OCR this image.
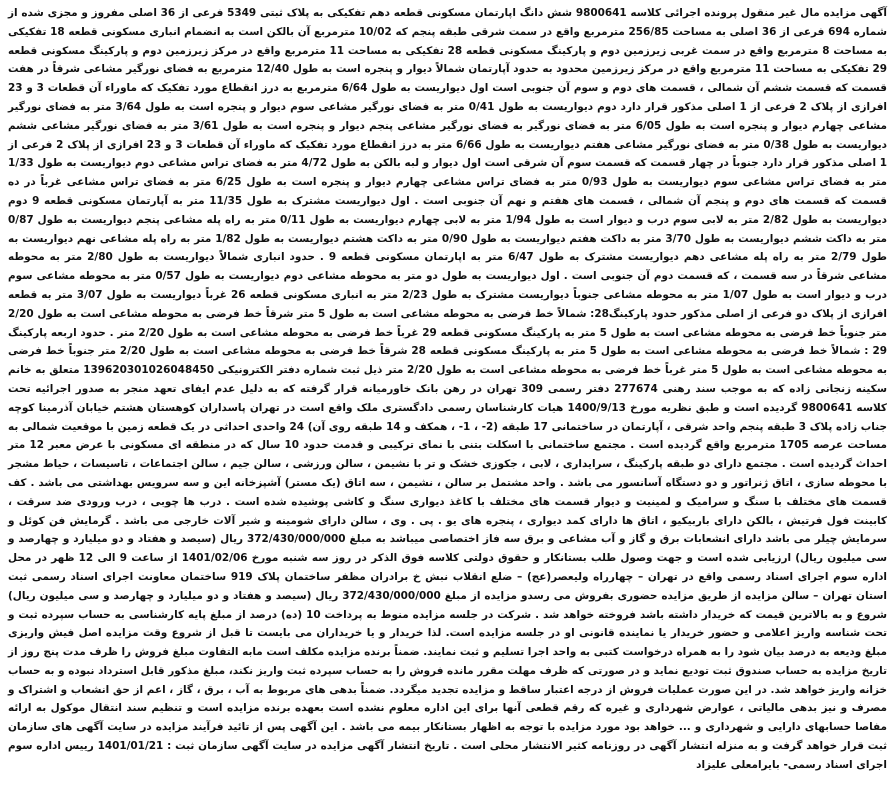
آگهی مزایده مال غیر منقول پرونده اجرائی کلاسه 9800641 شش دانگ اپارتمان مسکونی قطعه دهم تفکیکی به پلاک ثبتی 5349 فرعی از 36 اصلی مفروز و مجزی شده از شماره 694 فرعی از 36 اصلی به مساحت 256/85 مترمربع واقع در سمت شرقی طبقه پنجم که 10/02 مترمربع آن بالکن است به انضمام انباری مسکونی قطعه 18 تفکیکی به مساحت 8 مترمربع واقع در سمت غربی زیرزمین دوم و پارکینگ مسکونی قطعه 28 تفکیکی به مساحت 11 مترمربع واقع در مرکز زیرزمین دوم و پارکینگ مسکونی قطعه 29 تفکیکی به مساحت 11 مترمربع واقع در مرکز زیرزمین محدود به حدود آپارتمان شمالاً دیوار و پنجره است به طول 12/40 مترمربع به فضای نورگیر مشاعی شرقاً در هفت قسمت که قسمت ششم آن شمالی ، قسمت های دوم و سوم آن جنوبی است اول دیواریست به طول 6/64 مترمربع به درز انقطاع مورد تفکیک که ماوراء آن قطعات 3 و 23 افرازی از پلاک 2 فرعی از 1 اصلی مذکور قرار دارد دوم دیواریست به طول 0/41 متر به فضای نورگیر مشاعی سوم دیوار و پنجره است به طول 3/64 متر به فضای نورگیر مشاعی چهارم دیوار و پنجره است به طول 6/05 متر به فضای نورگیر به فضای نورگیر مشاعی پنجم دیوار و پنجره است به طول 3/61 متر به فضای نورگیر مشاعی ششم دیواریست به طول 0/38 متر به فضای نورگیر مشاعی هفتم دیواریست به طول 6/66 متر به درز انقطاع مورد تفکیک که ماوراء آن قطعات 3 و 23 افرازی از پلاک 2 فرعی از 1 اصلی مذکور قرار دارد جنوباً در چهار قسمت که قسمت سوم آن شرقی است اول دیوار و لبه بالکن به طول 4/72 متر به فضای تراس مشاعی دوم دیواریست به طول 1/33 متر به فضای تراس مشاعی سوم دیواریست به طول 0/93 متر به فضای تراس مشاعی چهارم دیوار و پنجره است به طول 6/25 متر به فضای تراس مشاعی غرباً در ده قسمت که قسمت های دوم و پنجم آن شمالی ، قسمت های هفتم و نهم آن جنوبی است . اول دیواریست مشترک به طول 11/35 متر به آپارتمان مسکونی قطعه 9 دوم دیواریست به طول 2/82 متر به لابی سوم درب و دیوار است به طول 1/94 متر به لابی چهارم دیواریست به طول 0/11 متر به راه پله مشاعی پنجم دیواریست به طول 0/87 متر به داکت ششم دیواریست به طول 3/70 متر به داکت هفتم دیواریست به طول 0/90 متر به داکت هشتم دیواریست به طول 1/82 متر به راه پله مشاعی نهم دیواریست به طول 2/79 متر به راه پله مشاعی دهم دیواریست مشترک به طول 6/47 متر به اپارتمان مسکونی قطعه 9 . حدود انباری شمالاً دیواریست به طول 2/80 متر به محوطه مشاعی شرقاً در سه قسمت ، که قسمت دوم آن جنوبی است . اول دیواریست به طول دو متر به محوطه مشاعی دوم دیواریست به طول 0/57 متر به محوطه مشاعی سوم درب و دیوار است به طول 1/07 متر به محوطه مشاعی جنوباً دیواریست مشترک به طول 2/23 متر به انباری مسکونی قطعه 26 غرباً دیواریست به طول 3/07 متر به قطعه افرازی از پلاک دو فرعی از اصلی مذکور حدود پارکینگ28: شمالاً خط فرضی به محوطه مشاعی است به طول 5 متر شرقاً خط فرضی به محوطه مشاعی است به طول 2/20 متر جنوباً خط فرضی به محوطه مشاعی است به طول 5 متر به پارکینگ مسکونی قطعه 29 غرباً خط فرضی به محوطه مشاعی است به طول 2/20 متر . حدود اربعه پارکینگ 29 : شمالاً خط فرضی به محوطه مشاعی است به طول 5 متر به پارکینگ مسکونی قطعه 28 شرقاً خط فرضی به محوطه مشاعی است به طول 2/20 متر جنوباً خط فرضی به محوطه مشاعی است به طول 5 متر غرباً خط فرضی به محوطه مشاعی است به طول 2/20 متر ذیل ثبت شماره دفتر الکترونیکی 139620301026048450 متعلق به خانم سکینه زنجانی زاده که به موجب سند رهنی 277674 دفتر رسمی 309 تهران در رهن بانک خاورمیانه قرار گرفته که به دلیل عدم ایفای تعهد منجر به صدور اجرائیه تحت کلاسه 9800641 گردیده است و طبق نظریه مورخ 1400/9/13 هیات کارشناسان رسمی دادگستری ملک واقع است در تهران پاسداران کوهستان هشتم خیابان آذرمینا کوچه جناب زاده پلاک 3 طبقه پنجم واحد شرقی ، آپارتمان در ساختمانی 17 طبقه (2- ، 1- ، همکف و 14 طبقه روی آن) 24 واحدی احداثی در یک قطعه زمین با موقعیت شمالی به مساحت عرصه 1705 مترمربع واقع گردیده است . مجتمع ساختمانی با اسکلت بتنی با نمای ترکیبی و قدمت حدود 10 سال که در منطقه ای مسکونی با عرض معبر 12 متر احداث گردیده است . مجتمع دارای دو طبقه پارکینگ ، سرایداری ، لابی ، جکوزی خشک و تر با نشیمن ، سالن ورزشی ، سالن جیم ، سالن اجتماعات ، تاسیسات ، حیاط مشجر با محوطه سازی ، اتاق ژنراتور و دو دستگاه آسانسور می باشد . واحد مشتمل بر سالن ، نشیمن ، سه اتاق (یک مستر) آشپزخانه این و سه سرویس بهداشتی می باشد . کف قسمت های مختلف با سنگ و سرامیک و لمینیت و دیوار قسمت های مختلف با کاغذ دیواری سنگ و کاشی پوشیده شده است . درب ها چوبی ، درب ورودی ضد سرقت ، کابینت فول فرتیش ، بالکن دارای باربیکیو ، اتاق ها دارای کمد دیواری ، پنجره های یو . پی . وی ، سالن دارای شومینه و شیر آلات خارجی می باشد . گرمایش فن کوئل و سرمایش چیلر می باشد دارای انشعابات برق و گاز و آب مشاعی و برق سه فاز اختصاصی میباشد به مبلغ 372/430/000/000 ریال (سیصد و هفتاد و دو میلیارد و چهارصد و سی میلیون ریال) ارزیابی شده است و جهت وصول طلب بستانکار و حقوق دولتی کلاسه فوق الذکر در روز سه شنبه مورخ 1401/02/06 از ساعت 9 الی 12 ظهر در محل اداره سوم اجرای اسناد رسمی واقع در تهران – چهارراه ولیعصر(عج) – ضلع انقلاب نبش خ برادران مظفر ساختمان پلاک 919 ساختمان معاونت اجرای اسناد رسمی ثبت استان تهران – سالن مزایده از طریق مزایده حضوری بفروش می رسدو مزایده از مبلغ 372/430/000/000 ریال (سیصد و هفتاد و دو میلیارد و چهارصد و سی میلیون ریال) شروع و به بالاترین قیمت که خریدار داشته باشد فروخته خواهد شد . شرکت در جلسه مزایده منوط به پرداخت 10 (ده) درصد از مبلغ پایه کارشناسی به حساب سپرده ثبت و تحت شناسه واریز اعلامی و حضور خریدار یا نماینده قانونی او در جلسه مزایده است. لذا خریدار و یا خریداران می بایست تا قبل از شروع وقت مزایده اصل فیش واریزی مبلغ ودیعه به درصد بیان شود را به همراه درخواست کتبی به واحد اجرا تسلیم و ثبت نمایند. ضمناً برنده مزایده مکلف است مابه التفاوت مبلغ فروش را ظرف مدت پنج روز از تاریخ مزایده به حساب صندوق ثبت تودیع نماید و در صورتی که ظرف مهلت مقرر مانده فروش را به حساب سپرده ثبت واریز نکند، مبلغ مذکور قابل استرداد نبوده و به حساب خزانه واریز خواهد شد. در این صورت عملیات فروش از درجه اعتبار ساقط و مزایده تجدید میگردد. ضمناً بدهی های مربوط به آب ، برق ، گاز ، اعم از حق انشعاب و اشتراک و مصرف و نیز بدهی مالیاتی ، عوارض شهرداری و غیره که رقم قطعی آنها برای این اداره معلوم نشده است بعهده برنده مزایده است و تنظیم سند انتقال موکول به ارائه مفاصا حسابهای دارایی و شهرداری و ... خواهد بود مورد مزایده با توجه به اظهار بستانکار بیمه می باشد . این آگهی پس از تائید فرآیند مزایده در سایت آگهی های سازمان ثبت قرار خواهد گرفت و به منزله انتشار آگهی در روزنامه کثیر الانتشار محلی است . تاریخ انتشار آگهی مزایده در سایت آگهی سازمان ثبت : 1401/01/21 رییس اداره سوم اجرای اسناد رسمی- بایرامعلی علیزاد
